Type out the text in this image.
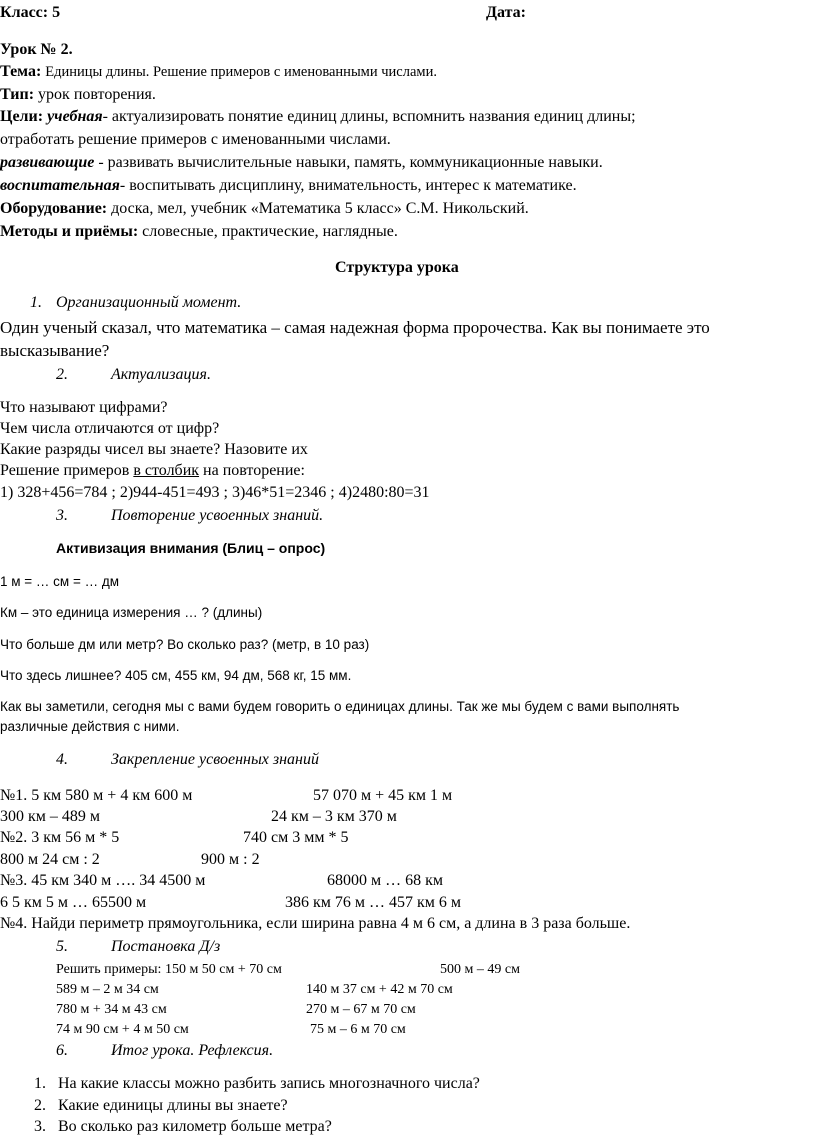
Класс: 5	Дата:
Урок № 2.
Тема: Единицы длины. Решение примеров с именованными числами.
Тип: урок повторения.
Цели: учебная- актуализировать понятие единиц длины, вспомнить названия единиц длины;
отработать решение примеров с именованными числами.
развивающие - развивать вычислительные навыки, память, коммуникационные навыки.
воспитательная- воспитывать дисциплину, внимательность, интерес к математике.
Оборудование: доска, мел, учебник «Математика 5 класс» С.М. Никольский.
Методы и приёмы: словесные, практические, наглядные.
Структура урока
1. Организационный момент.
Один ученый сказал, что математика – самая надежная форма пророчества. Как вы понимаете это
высказывание?
2.	Актуализация.
Что называют цифрами?
Чем числа отличаются от цифр?
Какие разряды чисел вы знаете? Назовите их
Решение примеров в столбик на повторение:
1) 328+456=784 ; 2)944-451=493 ; 3)46*51=2346 ; 4)2480:80=31
3.	Повторение усвоенных знаний.
Активизация внимания (Блиц – опрос)
1 м = … см = … дм
Км – это единица измерения … ? (длины)
Что больше дм или метр? Во сколько раз? (метр, в 10 раз)
Что здесь лишнее? 405 см, 455 км, 94 дм, 568 кг, 15 мм.
Как вы заметили, сегодня мы с вами будем говорить о единицах длины. Так же мы будем с вами выполнять
различные действия с ними.
4.	Закрепление усвоенных знаний
№1. 5 км 580 м + 4 км 600 м	57 070 м + 45 км 1 м
300 км – 489 м	24 км – 3 км 370 м
№2. 3 км 56 м * 5	740 см 3 мм * 5
800 м 24 см : 2	900 м : 2
№3. 45 км 340 м …. 34 4500 м	68000 м … 68 км
6 5 км 5 м … 65500 м	386 км 76 м … 457 км 6 м
№4. Найди периметр прямоугольника, если ширина равна 4 м 6 см, а длина в 3 раза больше.
5.	Постановка Д/з
Решить примеры: 150 м 50 см + 70 см	500 м – 49 см
589 м – 2 м 34 см	140 м 37 см + 42 м 70 см
780 м + 34 м 43 см	270 м – 67 м 70 см
74 м 90 см + 4 м 50 см	75 м – 6 м 70 см
6.	Итог урока. Рефлексия.
1. На какие классы можно разбить запись многозначного числа?
2. Какие единицы длины вы знаете?
3. Во сколько раз километр больше метра?
